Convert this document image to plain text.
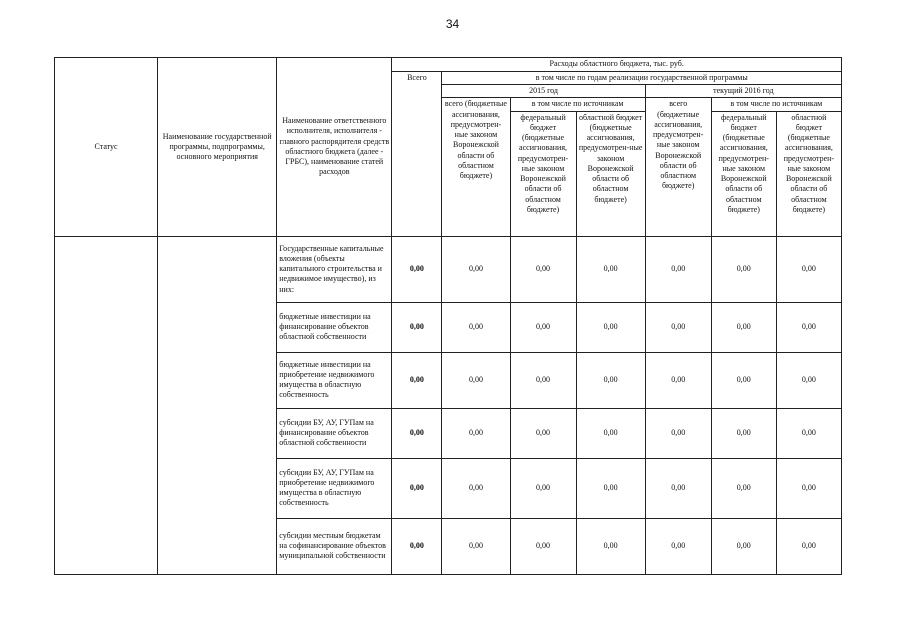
34
Статус	Наименование государственной программы, подпрограммы, основного мероприятия	Наименование ответственного исполнителя, исполнителя - главного распорядителя средств областного бюджета (далее - ГРБС), наименование статей расходов	Расходы областного бюджета, тыс. руб.						
			Всего	в том числе по годам реализации государственной программы					
				2015 год			текущий 2016 год		
				всего (бюджетные ассигнования, предусмотрен-ные законом Воронежской области об областном бюджете)	в том числе по источникам		всего (бюджетные ассигнования, предусмотрен-ные законом Воронежской области об областном бюджете)	в том числе по источникам	
					федеральный бюджет (бюджетные ассигнования, предусмотрен-ные законом Воронежской области об областном бюджете)	областной бюджет (бюджетные ассигнования, предусмотрен-ные законом Воронежской области об областном бюджете)		федеральный бюджет (бюджетные ассигнования, предусмотрен-ные законом Воронежской области об областном бюджете)	областной бюджет (бюджетные ассигнования, предусмотрен-ные законом Воронежской области об областном бюджете)
		Государственные капитальные вложения (объекты капитального строительства и недвижимое имущество), из них:	0,00	0,00	0,00	0,00	0,00	0,00	0,00
		бюджетные инвестиции на финансирование объектов областной собственности	0,00	0,00	0,00	0,00	0,00	0,00	0,00
		бюджетные инвестиции на приобретение недвижимого имущества в областную собственность	0,00	0,00	0,00	0,00	0,00	0,00	0,00
		субсидии БУ, АУ, ГУПам на финансирование объектов областной собственности	0,00	0,00	0,00	0,00	0,00	0,00	0,00
		субсидии БУ, АУ, ГУПам на приобретение недвижимого имущества в областную собственность	0,00	0,00	0,00	0,00	0,00	0,00	0,00
		субсидии местным бюджетам на софинансирование объектов муниципальной собственности	0,00	0,00	0,00	0,00	0,00	0,00	0,00
